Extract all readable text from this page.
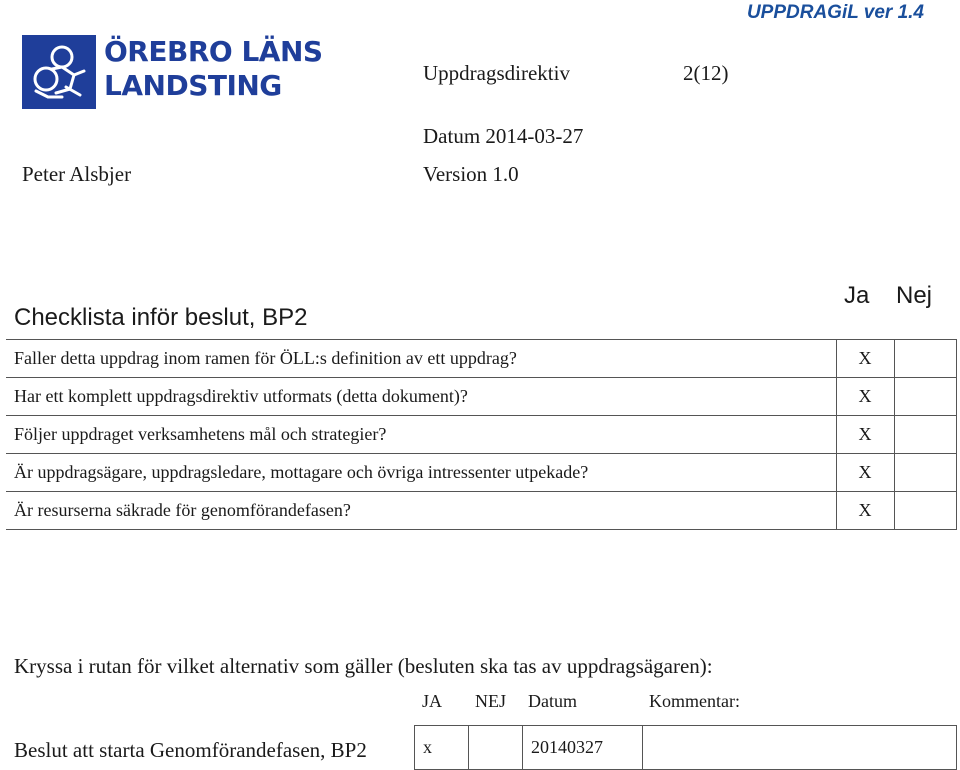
UPPDRAGiL ver 1.4
ÖREBRO LÄNS
LANDSTING	Uppdragsdirektiv	2(12)
Datum 2014-03-27
Peter Alsbjer	Version 1.0
Checklista inför beslut, BP2
Ja Nej
Faller detta uppdrag inom ramen för ÖLL:s definition av ett uppdrag?	X	
Har ett komplett uppdragsdirektiv utformats (detta dokument)?	X	
Följer uppdraget verksamhetens mål och strategier?	X	
Är uppdragsägare, uppdragsledare, mottagare och övriga intressenter utpekade?	X	
Är resurserna säkrade för genomförandefasen?	X	
Kryssa i rutan för vilket alternativ som gäller (besluten ska tas av uppdragsägaren):
JA NEJ Datum	Kommentar:
Beslut att starta Genomförandefasen, BP2	x		20140327	
